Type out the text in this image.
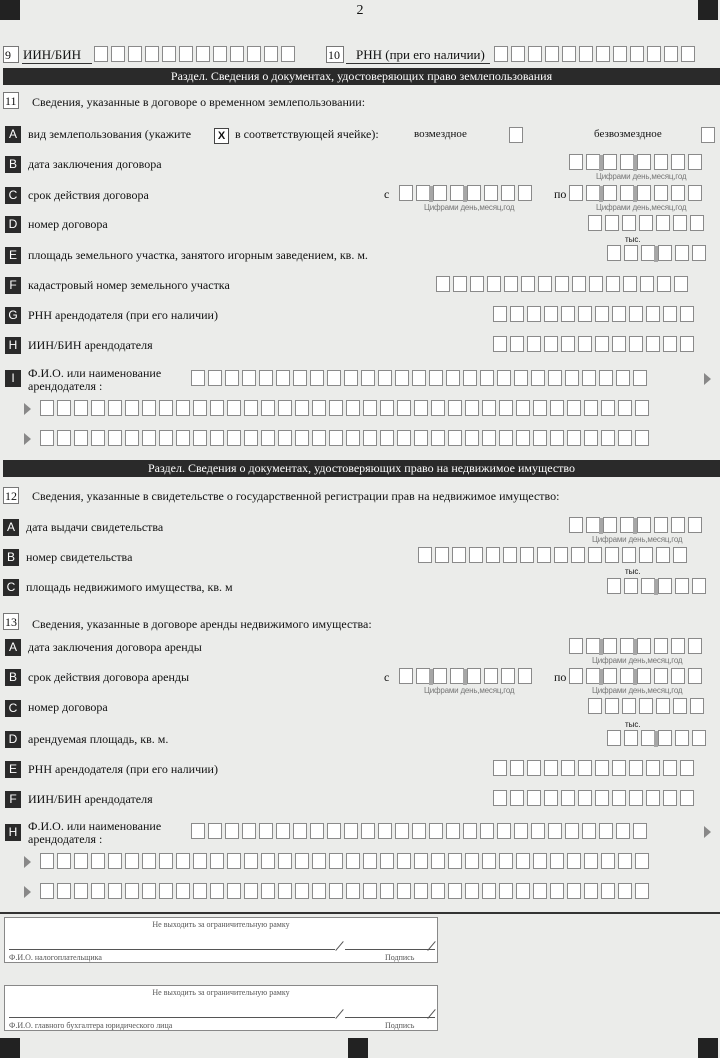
2
9 ИИН/БИН	10	РНН (при его наличии)
Раздел. Сведения о документах, удостоверяющих право землепользования
11 Сведения, указанные в договоре о временном землепользовании:
A вид землепользования (укажите	X в соответствующей ячейке):	возмездное	безвозмездное
B дата заключения договора
Цифрами день,месяц,год
C срок действия договора	с
Цифрами день,месяц,год
по
Цифрами день,месяц,год
D номер договора
E площадь земельного участка, занятого игорным заведением, кв. м.
тыс.
F кадастровый номер земельного участка
G РНН арендодателя (при его наличии)
H ИИН/БИН арендодателя
I	Ф.И.О. или наименование
арендодателя :
Раздел. Сведения о документах, удостоверяющих право на недвижимое имущество
12 Сведения, указанные в свидетельстве о государственной регистрации прав на недвижимое имущество:
A дата выдачи свидетельства
Цифрами день,месяц,год
B номер свидетельства
C площадь недвижимого имущества, кв. м
тыс.
13 Сведения, указанные в договоре аренды недвижимого имущества:
A дата заключения договора аренды
Цифрами день,месяц,год
B срок действия договора аренды	с
Цифрами день,месяц,год
по
Цифрами день,месяц,год
C номер договора
D арендуемая площадь, кв. м.
тыс.
E РНН арендодателя (при его наличии)
F ИИН/БИН арендодателя
H Ф.И.О. или наименование
арендодателя :
Не выходить за ограничительную рамку
Ф.И.О. налогоплательщика	Подпись
Не выходить за ограничительную рамку
Ф.И.О. главного бухгалтера юридического лица	Подпись
